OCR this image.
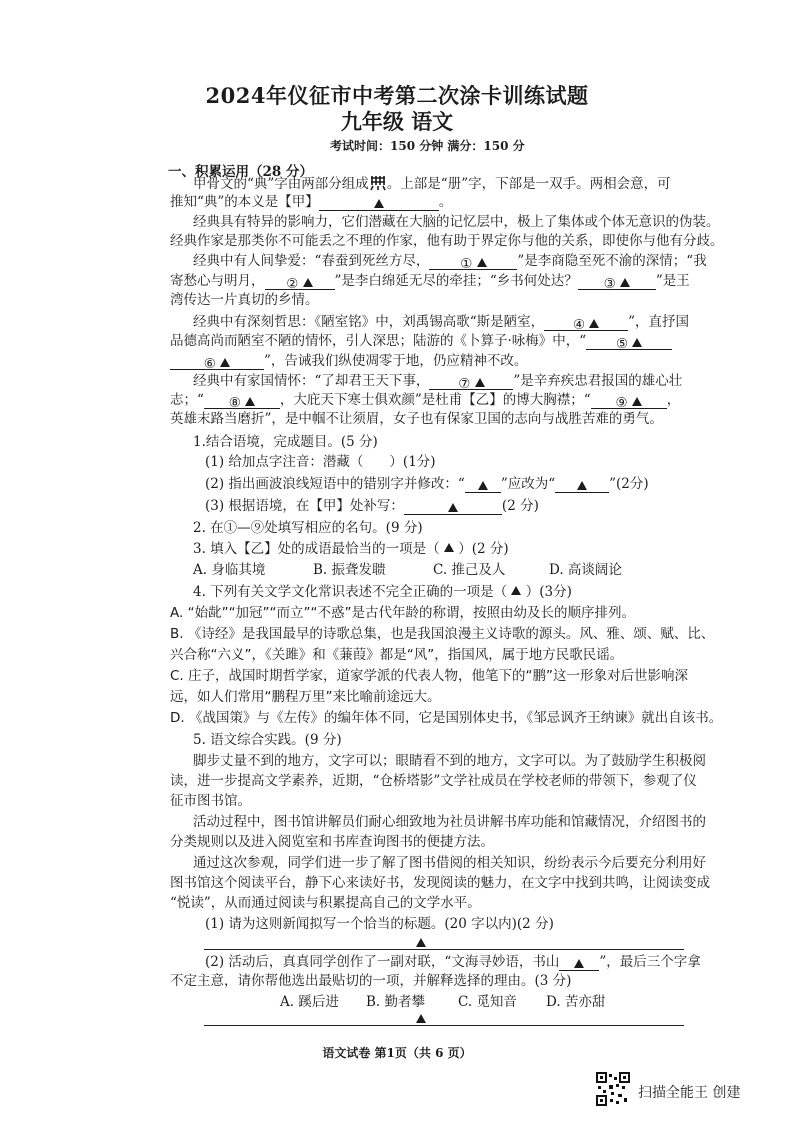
2024年仪征市中考第二次涂卡训练试题
九年级 语文
考试时间：150 分钟 满分：150 分
一、积累运用（28 分）
甲骨文的“典”字由两部分组成 。上部是“册”字，下部是一双手。两相会意，可
推知“典”的本义是【甲】	。
经典具有特异的影响力，它们潜藏在大脑的记忆层中，极上了集体或个体无意识的伪装。
经典作家是那类你不可能丢之不理的作家，他有助于界定你与他的关系，即使你与他有分歧。
经典中有人间挚爱：“春蚕到死丝方尽， ①	”是李商隐至死不渝的深情；“我
寄愁心与明月， ② ”是李白绵延无尽的牵挂；“乡书何处达？ ③	”是王
湾传达一片真切的乡情。
经典中有深刻哲思：《陋室铭》中，刘禹锡高歌“斯是陋室， ④	”，直抒国
品德高尚而陋室不陋的情怀，引人深思；陆游的《卜算子·咏梅》中，“ ⑤
⑥	”，告诫我们纵使凋零于地，仍应精神不改。
经典中有家国情怀：“了却君王天下事， ⑦	”是辛弃疾忠君报国的雄心壮
志；“ ⑧	，大庇天下寒士俱欢颜”是杜甫【乙】的博大胸襟；“ ⑨	，
英雄末路当磨折”，是中帼不让须眉，女子也有保家卫国的志向与战胜苦难的勇气。
1.结合语境，完成题目。(5 分)
(1) 给加点字注音：潜藏（ ）(1分)
(2) 指出画波浪线短语中的错别字并修改：“	”应改为“	”(2分)
(3) 根据语境，在【甲】处补写：	(2 分)
2. 在①—⑨处填写相应的名句。(9 分)
3. 填入【乙】处的成语最恰当的一项是（ ）(2 分)
A. 身临其境	B. 振聋发聩	C. 推己及人	D. 高谈阔论
4. 下列有关文学文化常识表述不完全正确的一项是（ ）(3分)
A. “始龀”“加冠”“而立”“不惑”是古代年龄的称谓，按照由幼及长的顺序排列。
B. 《诗经》是我国最早的诗歌总集，也是我国浪漫主义诗歌的源头。风、雅、颂、赋、比、
兴合称“六义”，《关雎》和《蒹葭》都是“风”，指国风，属于地方民歌民谣。
C. 庄子，战国时期哲学家，道家学派的代表人物，他笔下的“鹏”这一形象对后世影响深
远，如人们常用“鹏程万里”来比喻前途远大。
D. 《战国策》与《左传》的编年体不同，它是国别体史书，《邹忌讽齐王纳谏》就出自该书。
5. 语文综合实践。(9 分)
脚步丈量不到的地方，文字可以；眼睛看不到的地方，文字可以。为了鼓励学生积极阅
读，进一步提高文学素养，近期，“仓桥塔影”文学社成员在学校老师的带领下，参观了仪
征市图书馆。
活动过程中，图书馆讲解员们耐心细致地为社员讲解书库功能和馆藏情况，介绍图书的
分类规则以及进入阅览室和书库查询图书的便捷方法。
通过这次参观，同学们进一步了解了图书借阅的相关知识，纷纷表示今后要充分利用好
图书馆这个阅读平台，静下心来读好书，发现阅读的魅力，在文字中找到共鸣，让阅读变成
“悦读”，从而通过阅读与积累提高自己的文学水平。
(1) 请为这则新闻拟写一个恰当的标题。(20 字以内)(2 分)
(2) 活动后，真真同学创作了一副对联，“文海寻妙语，书山	”，最后三个字拿
不定主意，请你帮他选出最贴切的一项，并解释选择的理由。(3 分)
A. 蹊后进 B. 勤者攀 C. 觅知音 D. 苦亦甜
语文试卷 第1页（共 6 页）
扫描全能王 创建
